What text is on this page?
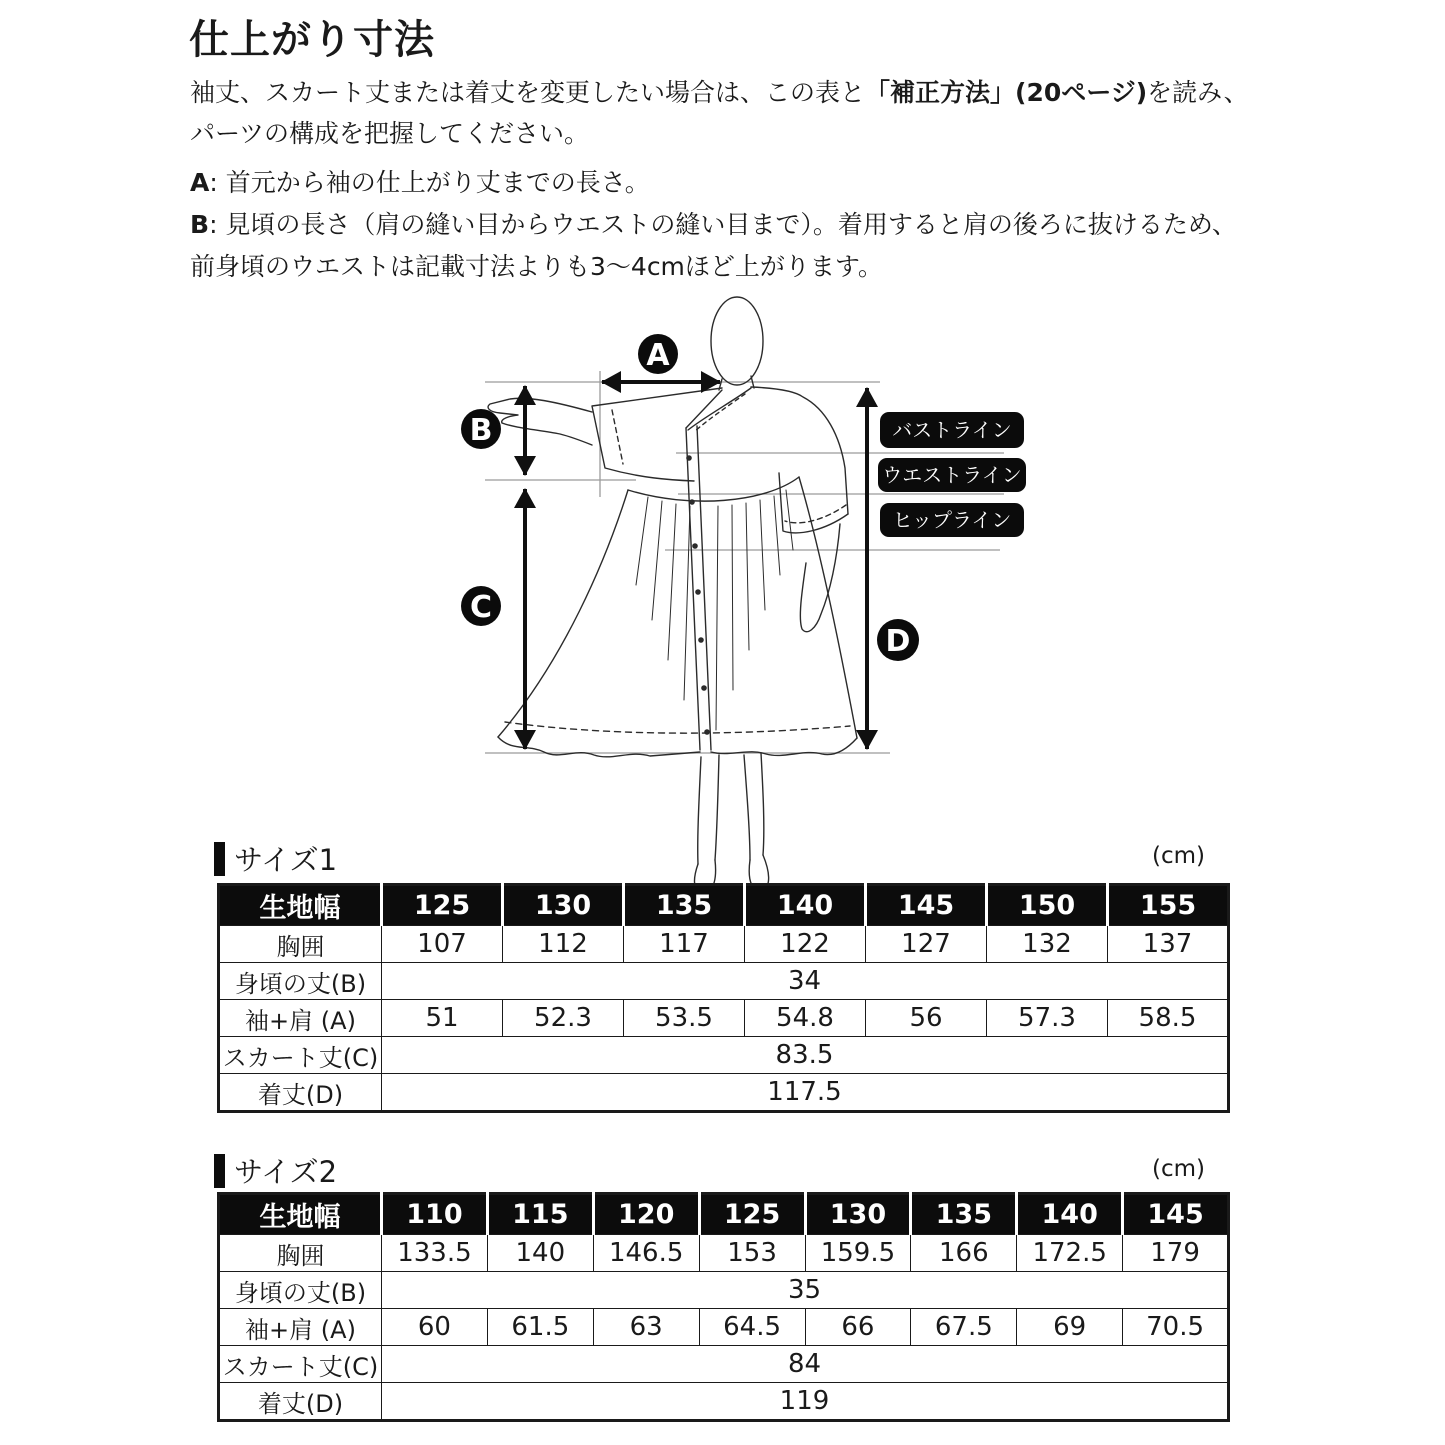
仕上がり寸法
袖丈、スカート丈または着丈を変更したい場合は、この表と「補正方法」(20ページ)を読み、
パーツの構成を把握してください。
A: 首元から袖の仕上がり丈までの長さ。
B: 見頃の長さ（肩の縫い目からウエストの縫い目まで）。着用すると肩の後ろに抜けるため、
前身頃のウエストは記載寸法よりも3〜4cmほど上がります。
A
B
C
D
バストライン
ウエストライン
ヒップライン
サイズ1	(cm)
生地幅	125	130	135	140	145	150	155
胸囲	107	112	117	122	127	132	137
身頃の丈(B)	34						
袖+肩 (A)	51	52.3	53.5	54.8	56	57.3	58.5
スカート丈(C)	83.5						
着丈(D)	117.5						
サイズ2	(cm)
生地幅	110	115	120	125	130	135	140	145
胸囲	133.5	140	146.5	153	159.5	166	172.5	179
身頃の丈(B)	35							
袖+肩 (A)	60	61.5	63	64.5	66	67.5	69	70.5
スカート丈(C)	84							
着丈(D)	119							
